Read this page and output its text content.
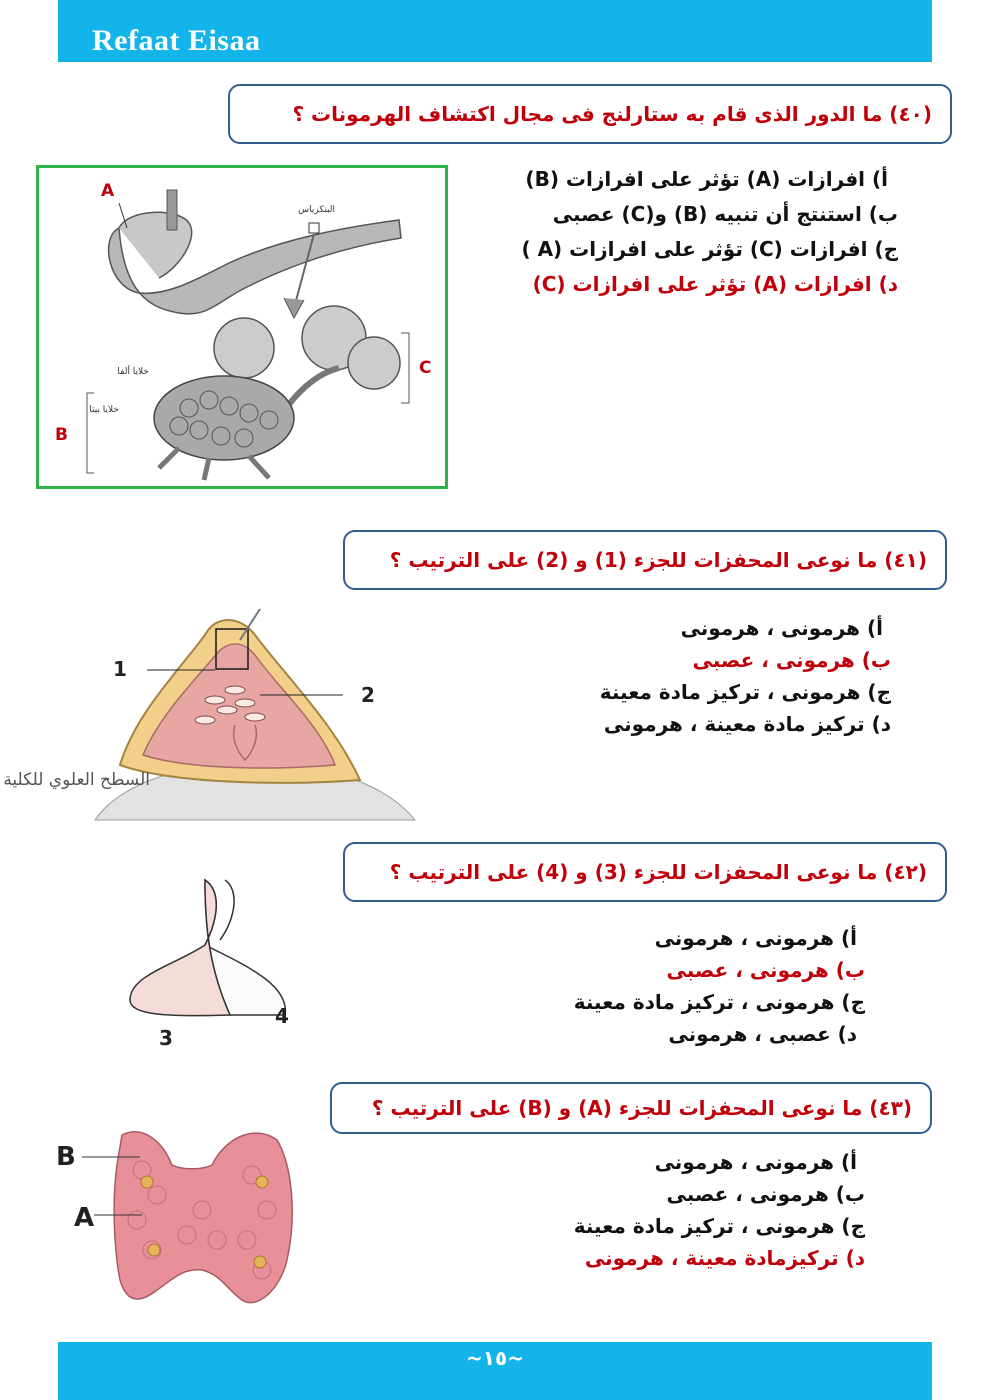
Refaat Eisaa
(٤٠) ما الدور الذى قام به ستارلنج فى مجال اكتشاف الهرمونات ؟
أ) افرازات (A) تؤثر على افرازات (B)
ب) استنتج أن تنبيه (B) و(C) عصبى
ج) افرازات (C) تؤثر على افرازات (A )
د) افرازات (A) تؤثر على افرازات (C)
A
B
C
البنكرياس
خلايا ألفا
خلايا بيتا
(٤١) ما نوعى المحفزات للجزء (1) و (2) على الترتيب ؟
أ) هرمونى ، هرمونى
ب) هرمونى ، عصبى
ج) هرمونى ، تركيز مادة معينة
د) تركيز مادة معينة ، هرمونى
1
2
السطح العلوي للكلية
(٤٢) ما نوعى المحفزات للجزء (3) و (4) على الترتيب ؟
أ) هرمونى ، هرمونى
ب) هرمونى ، عصبى
ج) هرمونى ، تركيز مادة معينة
د) عصبى ، هرمونى
3
4
(٤٣) ما نوعى المحفزات للجزء (A) و (B) على الترتيب ؟
أ) هرمونى ، هرمونى
ب) هرمونى ، عصبى
ج) هرمونى ، تركيز مادة معينة
د) تركيزمادة معينة ، هرمونى
B
A
~١٥~
